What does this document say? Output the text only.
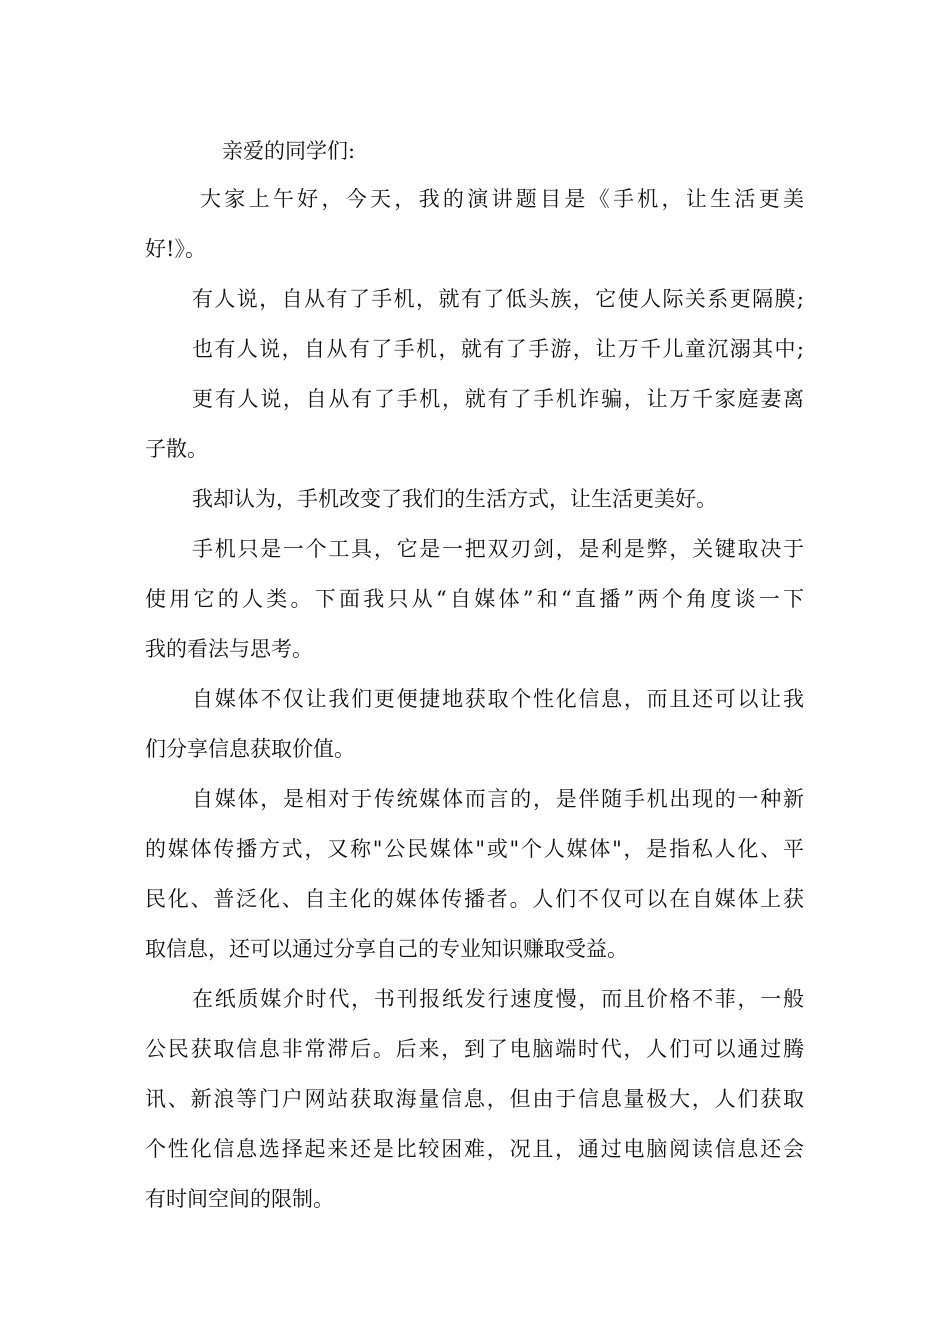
亲爱的同学们:

大家上午好，今天，我的演讲题目是《手机，让生活更美

好!》。

有人说，自从有了手机，就有了低头族，它使人际关系更隔膜;

也有人说，自从有了手机，就有了手游，让万千儿童沉溺其中;

更有人说，自从有了手机，就有了手机诈骗，让万千家庭妻离

子散。

我却认为，手机改变了我们的生活方式，让生活更美好。

手机只是一个工具，它是一把双刃剑，是利是弊，关键取决于

使用它的人类。下面我只从“自媒体”和“直播”两个角度谈一下

我的看法与思考。

自媒体不仅让我们更便捷地获取个性化信息，而且还可以让我

们分享信息获取价值。

自媒体，是相对于传统媒体而言的，是伴随手机出现的一种新

的媒体传播方式，又称"公民媒体"或"个人媒体"，是指私人化、平

民化、普泛化、自主化的媒体传播者。人们不仅可以在自媒体上获

取信息，还可以通过分享自己的专业知识赚取受益。

在纸质媒介时代，书刊报纸发行速度慢，而且价格不菲，一般

公民获取信息非常滞后。后来，到了电脑端时代，人们可以通过腾

讯、新浪等门户网站获取海量信息，但由于信息量极大，人们获取

个性化信息选择起来还是比较困难，况且，通过电脑阅读信息还会

有时间空间的限制。
